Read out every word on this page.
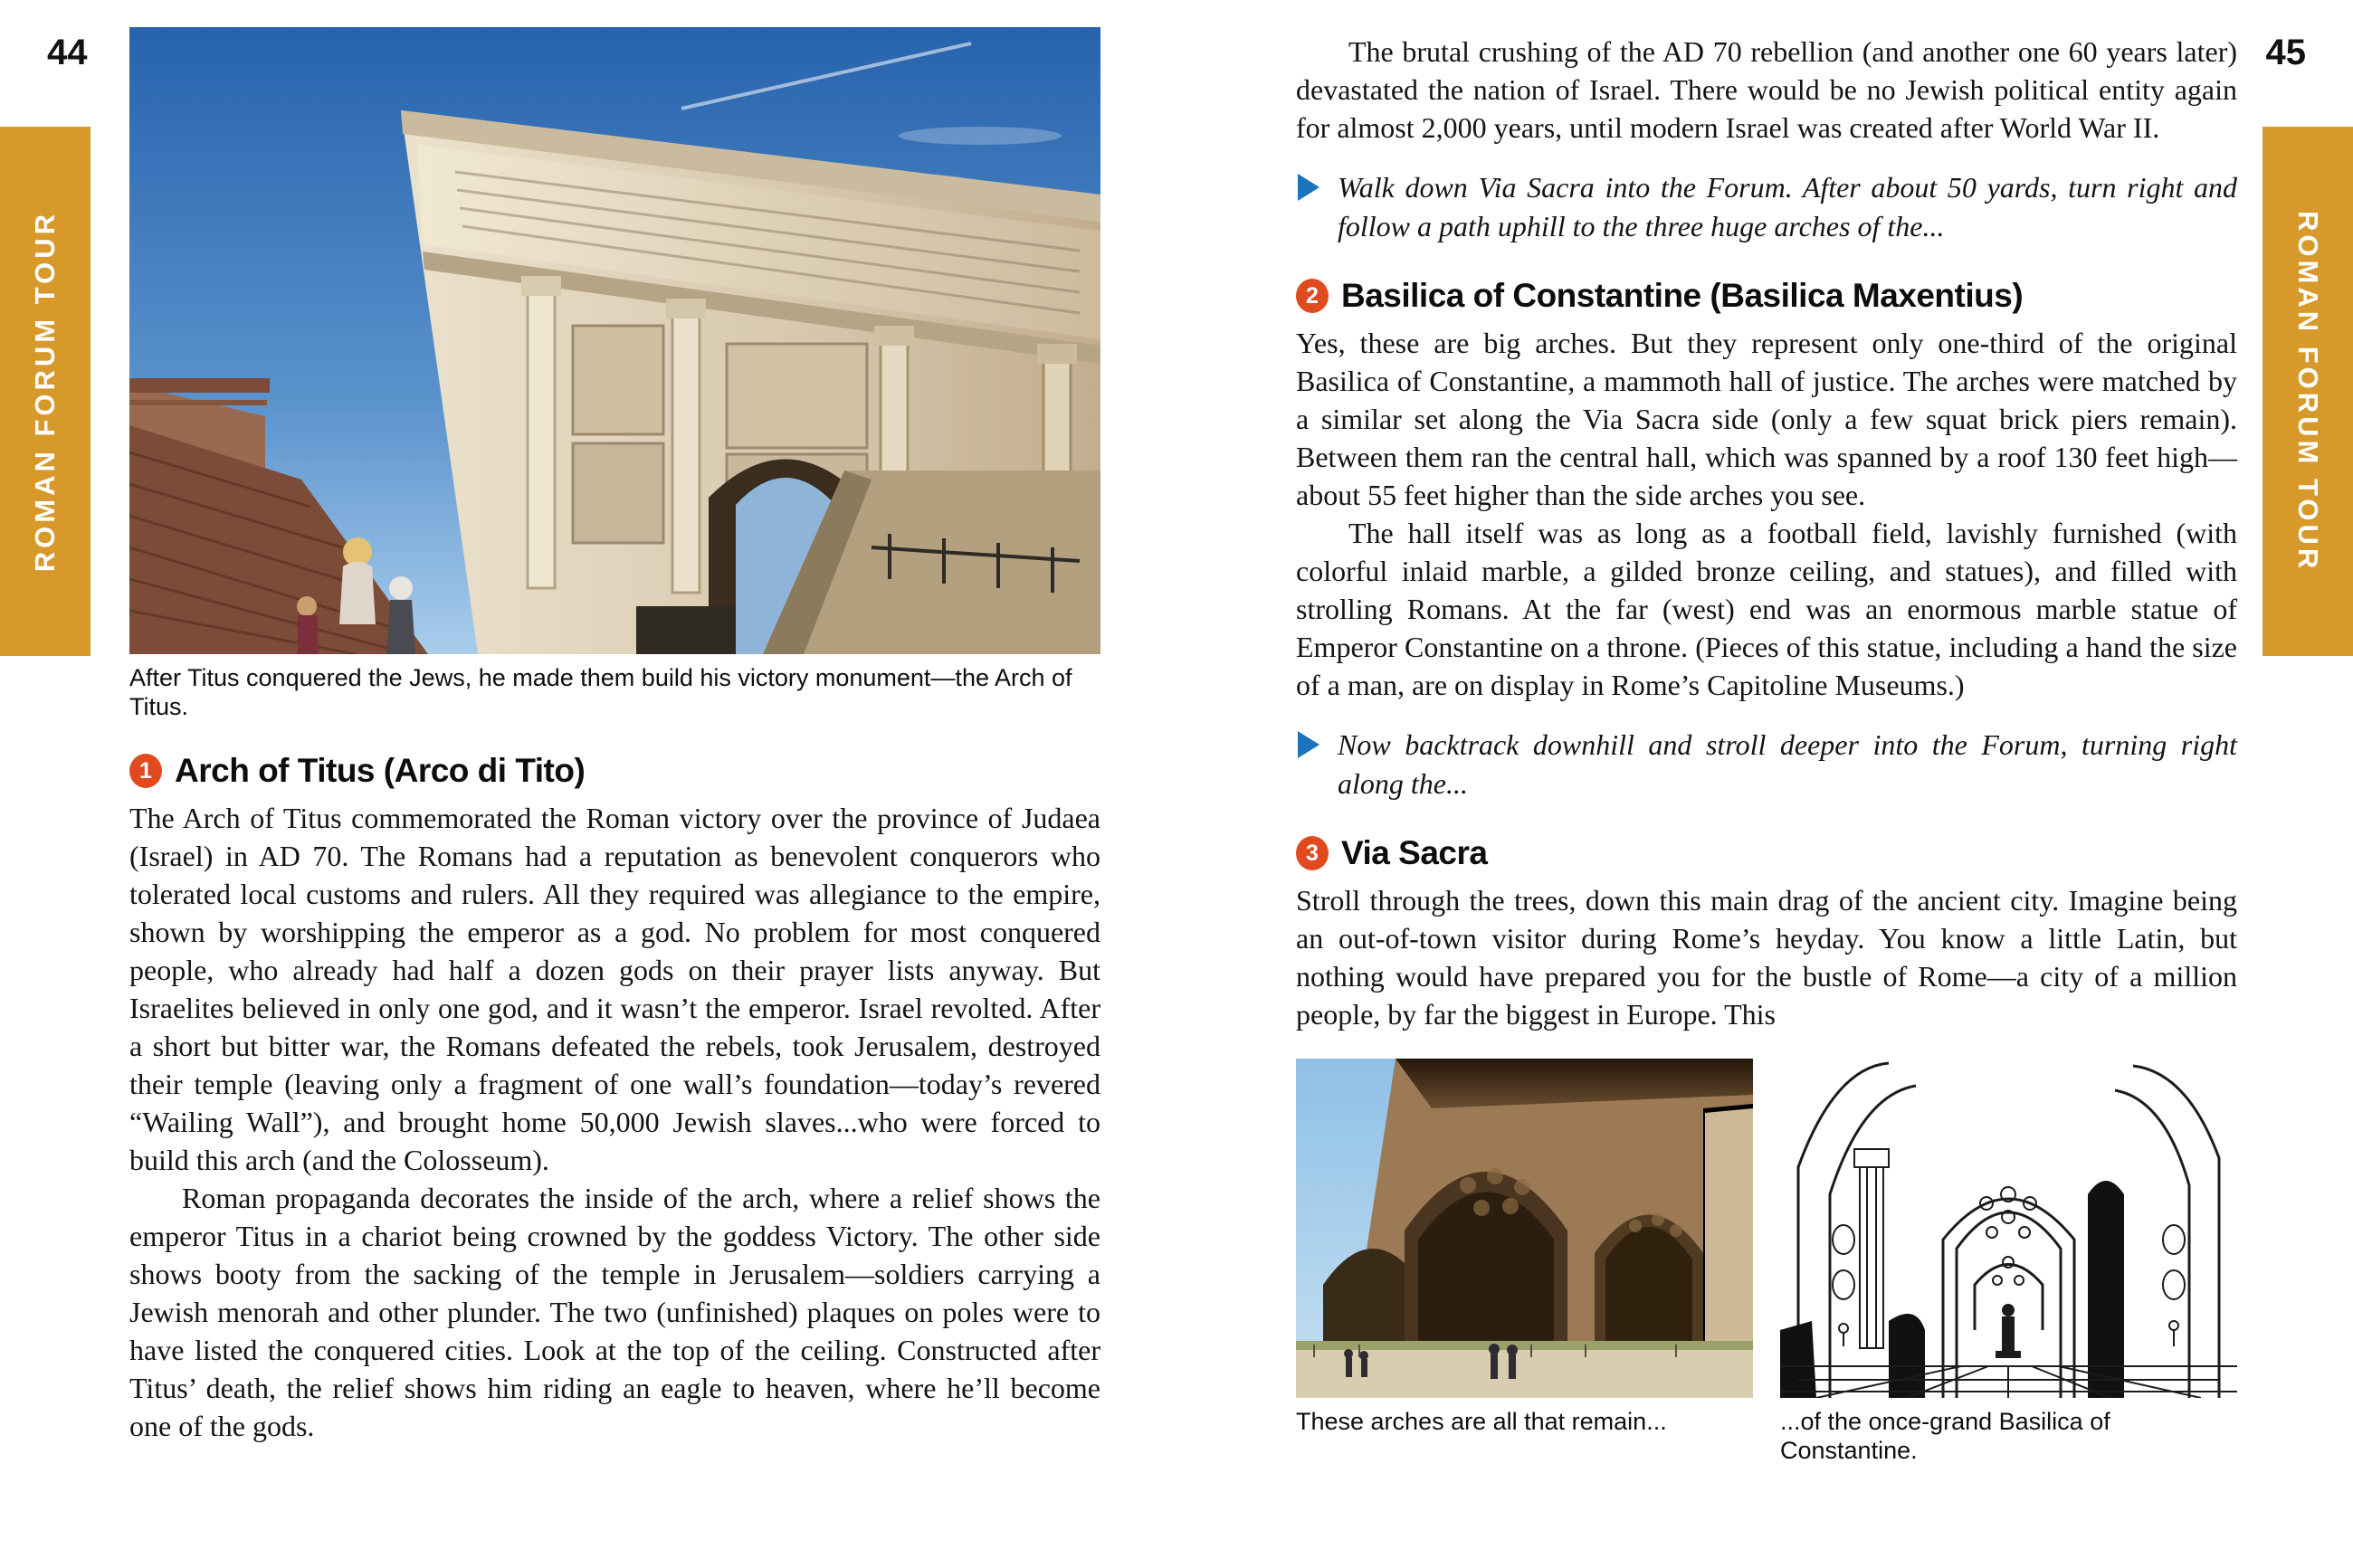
44	45
ROMAN FORUM TOUR	ROMAN FORUM TOUR
After Titus conquered the Jews, he made them build his victory monument—the Arch of Titus.
1 Arch of Titus (Arco di Tito)

The Arch of Titus commemorated the Roman victory over the province of Judaea (Israel) in AD 70. The Romans had a reputation as benevolent conquerors who tolerated local customs and rulers. All they required was allegiance to the empire, shown by worshipping the emperor as a god. No problem for most conquered people, who already had half a dozen gods on their prayer lists anyway. But Israelites believed in only one god, and it wasn’t the emperor. Israel revolted. After a short but bitter war, the Romans defeated the rebels, took Jerusalem, destroyed their temple (leaving only a fragment of one wall’s foundation—today’s revered “Wailing Wall”), and brought home 50,000 Jewish slaves...who were forced to build this arch (and the Colosseum).

Roman propaganda decorates the inside of the arch, where a relief shows the emperor Titus in a chariot being crowned by the goddess Victory. The other side shows booty from the sacking of the temple in Jerusalem—soldiers carrying a Jewish menorah and other plunder. The two (unfinished) plaques on poles were to have listed the conquered cities. Look at the top of the ceiling. Constructed after Titus’ death, the relief shows him riding an eagle to heaven, where he’ll become one of the gods.

The brutal crushing of the AD 70 rebellion (and another one 60 years later) devastated the nation of Israel. There would be no Jewish political entity again for almost 2,000 years, until modern Israel was created after World War II.

Walk down Via Sacra into the Forum. After about 50 yards, turn right and follow a path uphill to the three huge arches of the...
2 Basilica of Constantine (Basilica Maxentius)

Yes, these are big arches. But they represent only one-third of the original Basilica of Constantine, a mammoth hall of justice. The arches were matched by a similar set along the Via Sacra side (only a few squat brick piers remain). Between them ran the central hall, which was spanned by a roof 130 feet high—about 55 feet higher than the side arches you see.

The hall itself was as long as a football field, lavishly furnished (with colorful inlaid marble, a gilded bronze ceiling, and statues), and filled with strolling Romans. At the far (west) end was an enormous marble statue of Emperor Constantine on a throne. (Pieces of this statue, including a hand the size of a man, are on display in Rome’s Capitoline Museums.)

Now backtrack downhill and stroll deeper into the Forum, turning right along the...
3 Via Sacra

Stroll through the trees, down this main drag of the ancient city. Imagine being an out-of-town visitor during Rome’s heyday. You know a little Latin, but nothing would have prepared you for the bustle of Rome—a city of a million people, by far the biggest in Europe. This

These arches are all that remain...	...of the once-grand Basilica of Constantine.
